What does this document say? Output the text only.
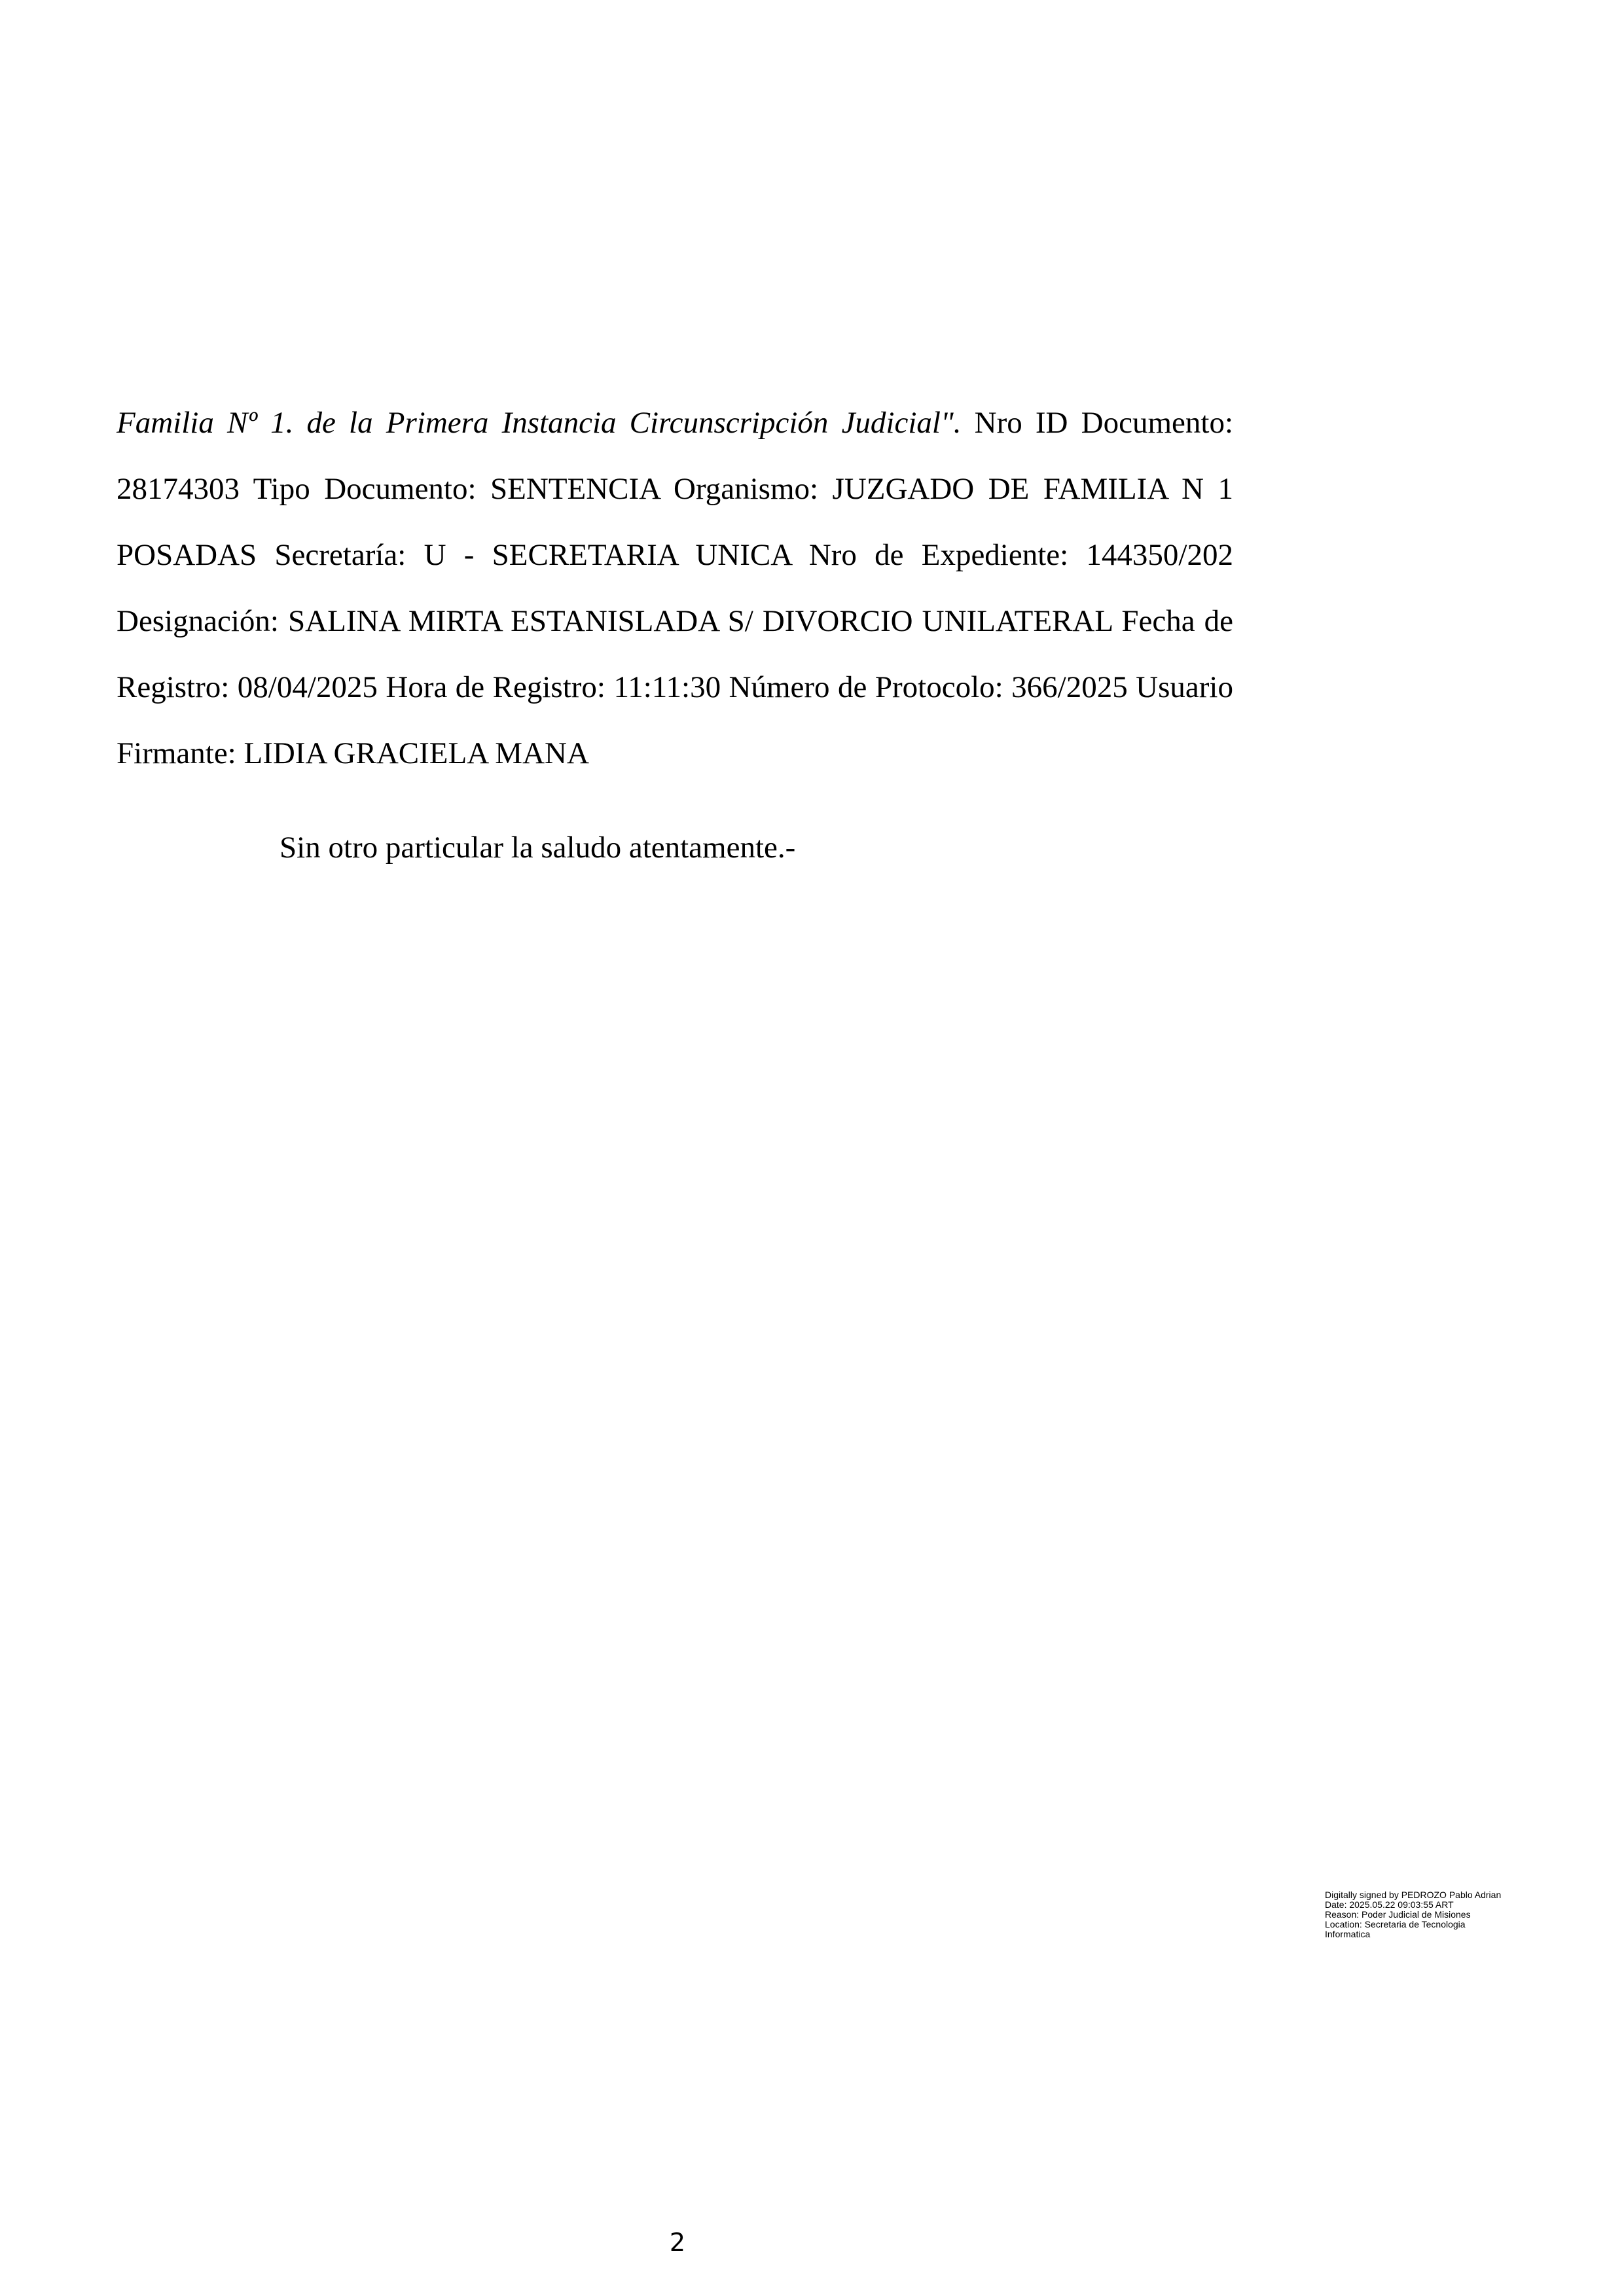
Familia Nº 1. de la Primera Instancia Circunscripción Judicial". Nro ID Documento: 28174303 Tipo Documento: SENTENCIA Organismo: JUZGADO DE FAMILIA N 1 POSADAS Secretaría: U - SECRETARIA UNICA Nro de Expediente: 144350/202 Designación: SALINA MIRTA ESTANISLADA S/ DIVORCIO UNILATERAL Fecha de Registro: 08/04/2025 Hora de Registro: 11:11:30 Número de Protocolo: 366/2025 Usuario Firmante: LIDIA GRACIELA MANA

Sin otro particular la saludo atentamente.-

Digitally signed by PEDROZO Pablo Adrian
Date: 2025.05.22 09:03:55 ART
Reason: Poder Judicial de Misiones
Location: Secretaria de Tecnologia
Informatica
2
